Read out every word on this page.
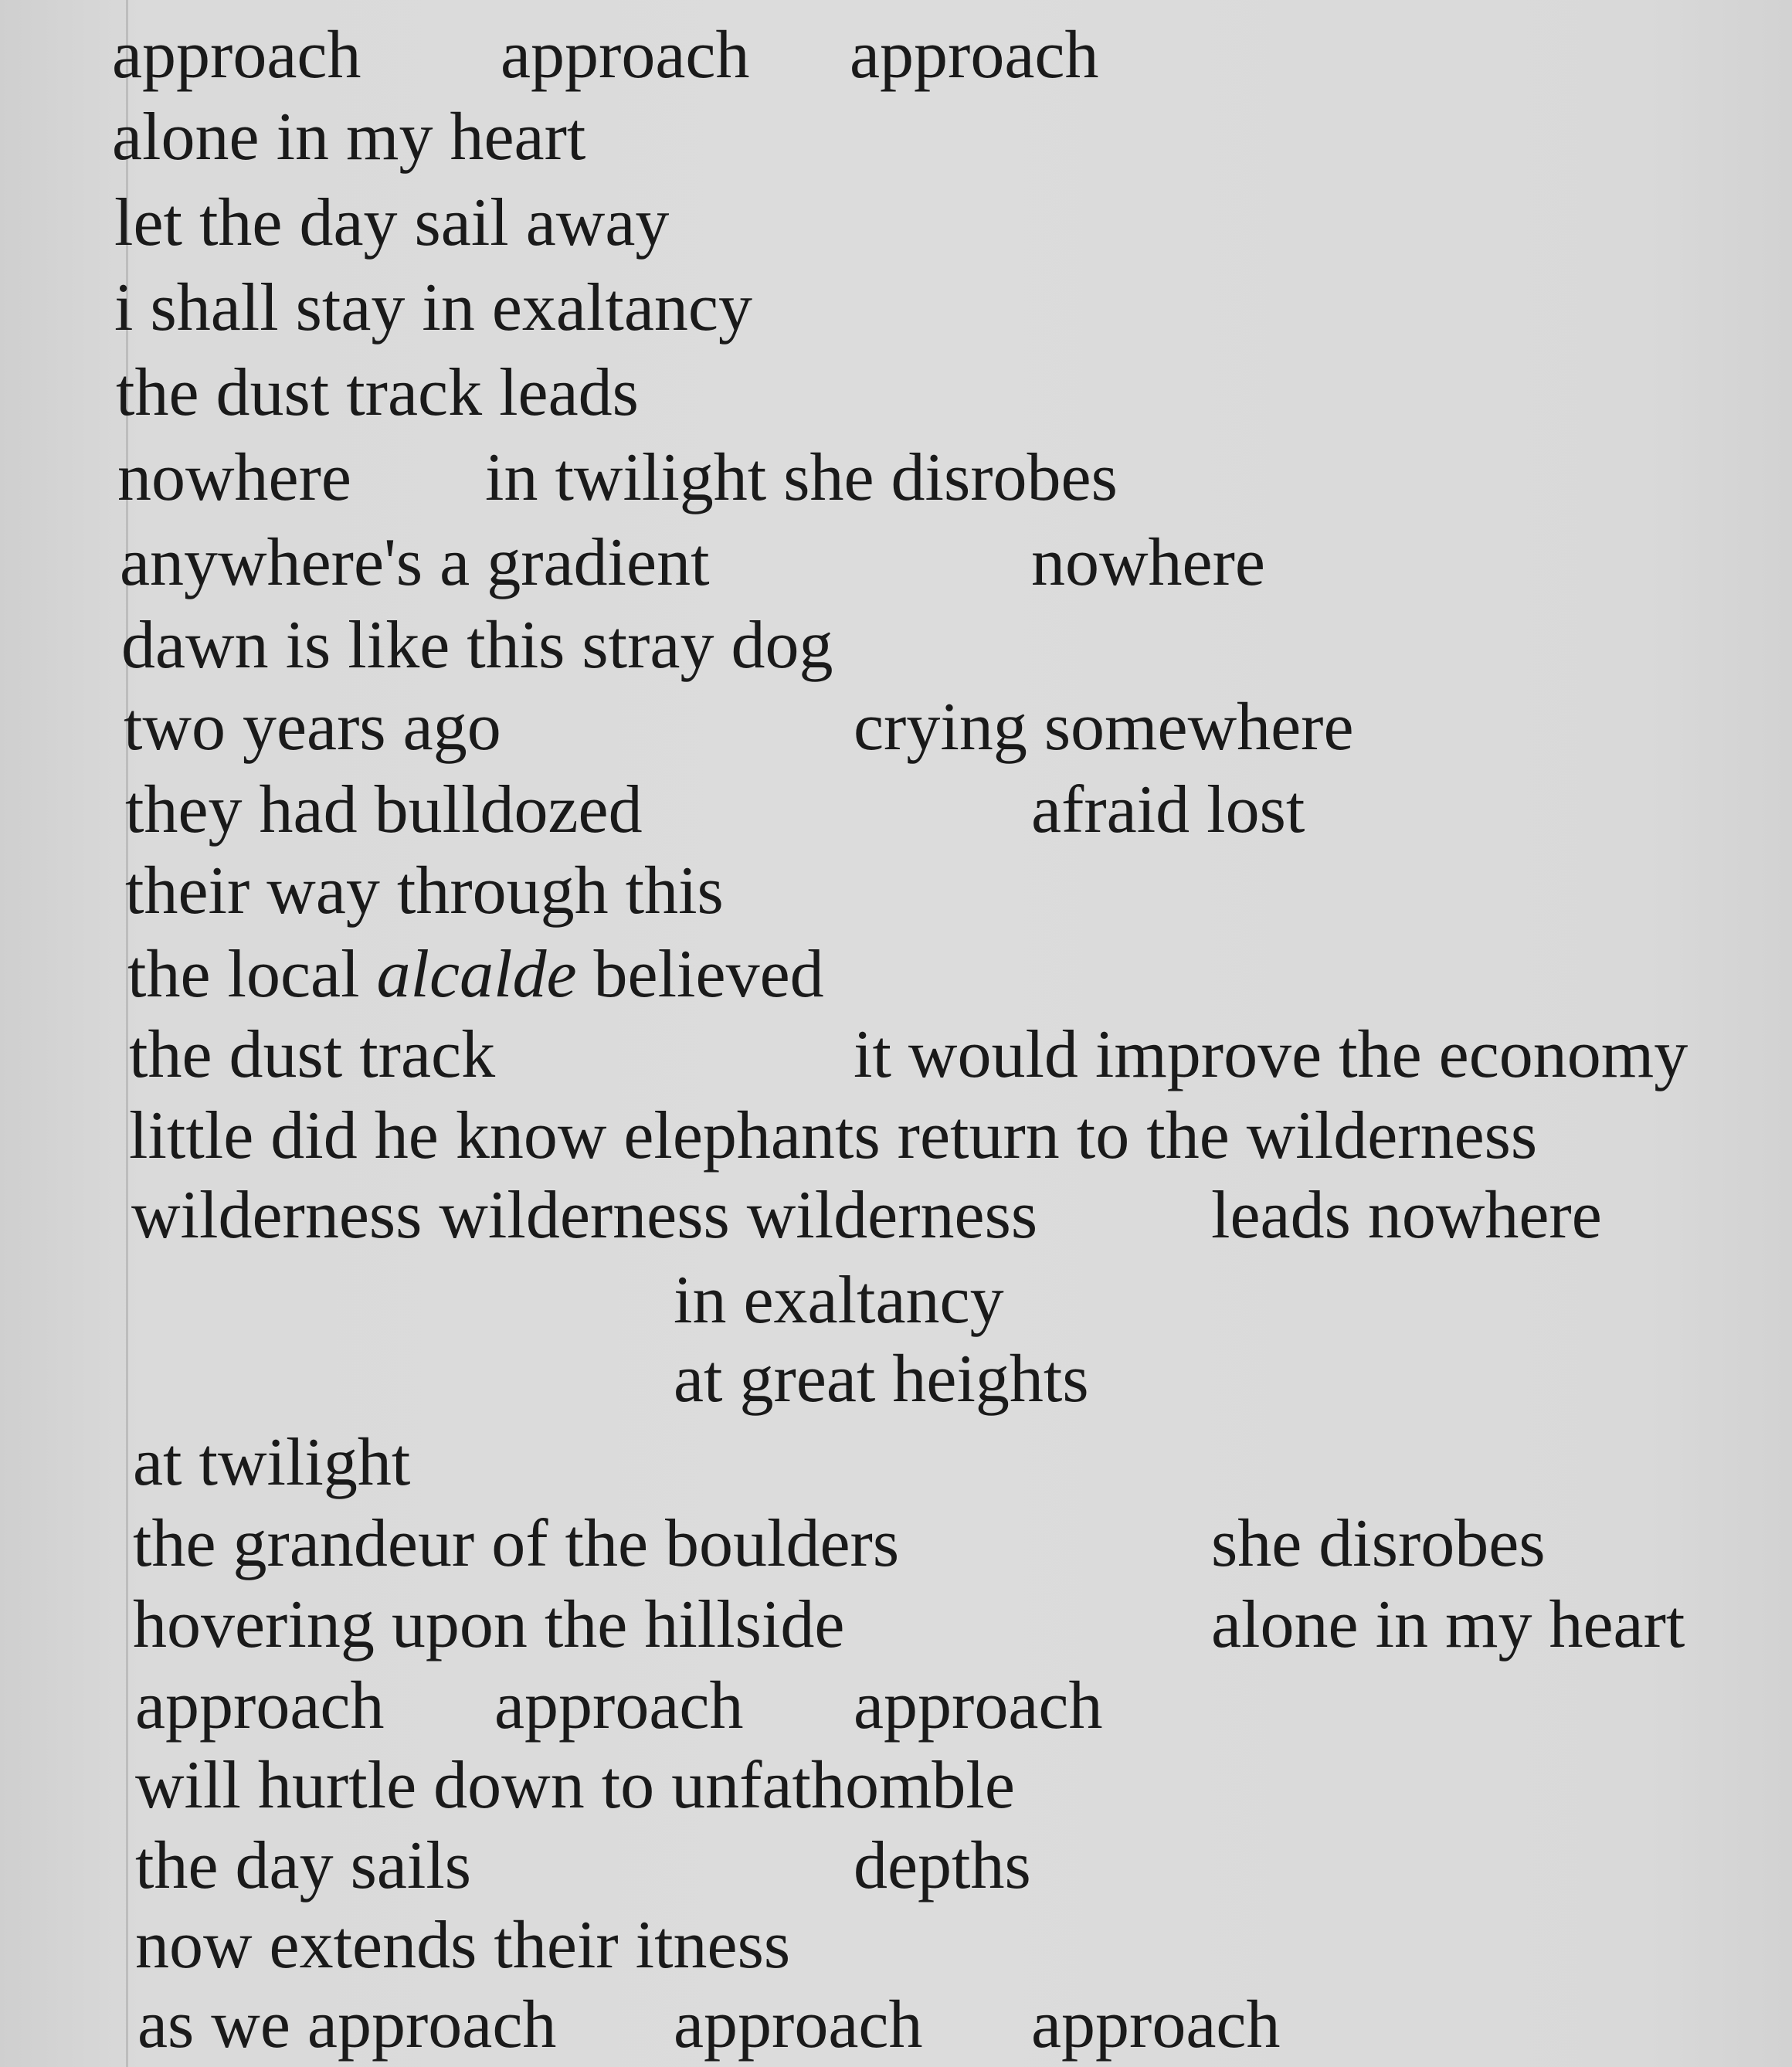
approach approach approach
alone in my heart
let the day sail away
i shall stay in exaltancy
the dust track leads
nowhere in twilight she disrobes
anywhere's a gradient	nowhere
dawn is like this stray dog
two years ago	crying somewhere
they had bulldozed	afraid lost
their way through this
the local alcalde believed
the dust track	it would improve the economy
little did he know elephants return to the wilderness
wilderness wilderness wilderness	leads nowhere
in exaltancy
at great heights
at twilight
the grandeur of the boulders	she disrobes
hovering upon the hillside	alone in my heart
approach approach approach
will hurtle down to unfathomble
the day sails	depths
now extends their itness
as we approach approach approach
